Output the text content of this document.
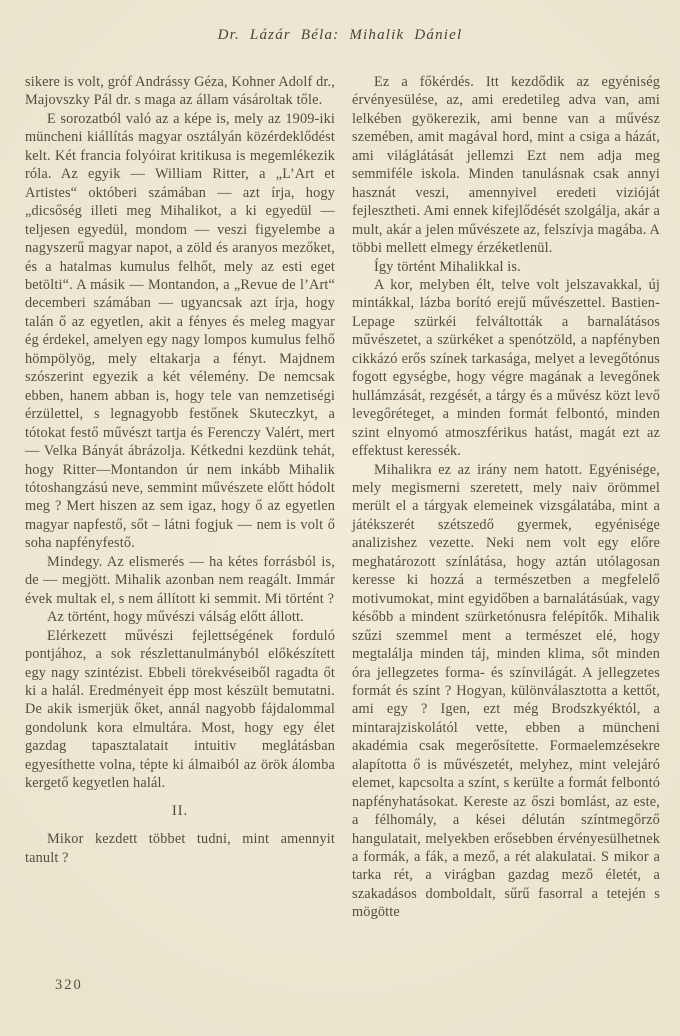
Dr. Lázár Béla: Mihalik Dániel

sikere is volt, gróf Andrássy Géza, Kohner Adolf dr., Majovszky Pál dr. s maga az állam vásároltak tőle.

E sorozatból való az a képe is, mely az 1909-iki müncheni kiállítás magyar osztályán közérdeklődést kelt. Két francia folyóirat kritikusa is megemlékezik róla. Az egyik — William Ritter, a „L’Art et Artistes“ októberi számában — azt írja, hogy „dicsőség illeti meg Mihalikot, a ki egyedül — teljesen egyedül, mondom — veszi figyelembe a nagyszerű magyar napot, a zöld és aranyos mezőket, és a hatalmas kumulus felhőt, mely az esti eget betölti“. A másik — Montandon, a „Revue de l’Art“ decemberi számában — ugyancsak azt írja, hogy talán ő az egyetlen, akit a fényes és meleg magyar ég érdekel, amelyen egy nagy lompos kumulus felhő hömpölyög, mely eltakarja a fényt. Majdnem szószerint egyezik a két vélemény. De nemcsak ebben, hanem abban is, hogy tele van nemzetiségi érzülettel, s legnagyobb festőnek Skuteczkyt, a tótokat festő művészt tartja és Ferenczy Valért, mert — Velka Bányát ábrázolja. Kétkedni kezdünk tehát, hogy Ritter—Montandon úr nem inkább Mihalik tótoshangzású neve, semmint művészete előtt hódolt meg ? Mert hiszen az sem igaz, hogy ő az egyetlen magyar napfestő, sőt – látni fogjuk — nem is volt ő soha napfényfestő.

Mindegy. Az elismerés — ha kétes forrásból is, de — megjött. Mihalik azonban nem reagált. Immár évek multak el, s nem állított ki semmit. Mi történt ?

Az történt, hogy művészi válság előtt állott.

Elérkezett művészi fejlettségének forduló pontjához, a sok részlettanulmányból előkészített egy nagy szintézist. Ebbeli törekvéseiből ragadta őt ki a halál. Eredményeit épp most készült bemutatni. De akik ismerjük őket, annál nagyobb fájdalommal gondolunk kora elmultára. Most, hogy egy élet gazdag tapasztalatait intuitiv meglátásban egyesíthette volna, tépte ki álmaiból az örök álomba kergető kegyetlen halál.

II.

Mikor kezdett többet tudni, mint amennyit tanult ?

Ez a főkérdés. Itt kezdődik az egyéniség érvényesülése, az, ami eredetileg adva van, ami lelkében gyökerezik, ami benne van a művész szemében, amit magával hord, mint a csiga a házát, ami világlátását jellemzi Ezt nem adja meg semmiféle iskola. Minden tanulásnak csak annyi hasznát veszi, amennyivel eredeti vizióját fejlesztheti. Ami ennek kifejlődését szolgálja, akár a mult, akár a jelen művészete az, felszívja magába. A többi mellett elmegy érzéketlenül.

Így történt Mihalikkal is.

A kor, melyben élt, telve volt jelszavakkal, új mintákkal, lázba borító erejű művészettel. Bastien-Lepage szürkéi felváltották a barnalátásos művészetet, a szürkéket a spenótzöld, a napfényben cikkázó erős színek tarkasága, melyet a levegőtónus fogott egységbe, hogy végre magának a levegőnek hullámzását, rezgését, a tárgy és a művész közt levő levegőréteget, a minden formát felbontó, minden szint elnyomó atmoszférikus hatást, magát ezt az effektust keressék.

Mihalikra ez az irány nem hatott. Egyénisége, mely megismerni szeretett, mely naiv örömmel merült el a tárgyak elemeinek vizsgálatába, mint a játékszerét szétszedő gyermek, egyénisége analizishez vezette. Neki nem volt egy előre meghatározott színlátása, hogy aztán utólagosan keresse ki hozzá a természetben a megfelelő motivumokat, mint egyidőben a barnalátásúak, vagy később a mindent szürketónusra felépítők. Mihalik szűzi szemmel ment a természet elé, hogy megtalálja minden táj, minden klima, sőt minden óra jellegzetes forma- és színvilágát. A jellegzetes formát és színt ? Hogyan, különválasztotta a kettőt, ami egy ? Igen, ezt még Brodszkyéktól, a mintarajziskolától vette, ebben a müncheni akadémia csak megerősítette. Formaelemzésekre alapította ő is művészetét, melyhez, mint velejáró elemet, kapcsolta a színt, s kerülte a formát felbontó napfényhatásokat. Kereste az őszi bomlást, az este, a félhomály, a kései délután színtmegőrző hangulatait, melyekben erősebben érvényesülhetnek a formák, a fák, a mező, a rét alakulatai. S mikor a tarka rét, a virágban gazdag mező életét, a szakadásos domboldalt, sűrű fasorral a tetején s mögötte

320
